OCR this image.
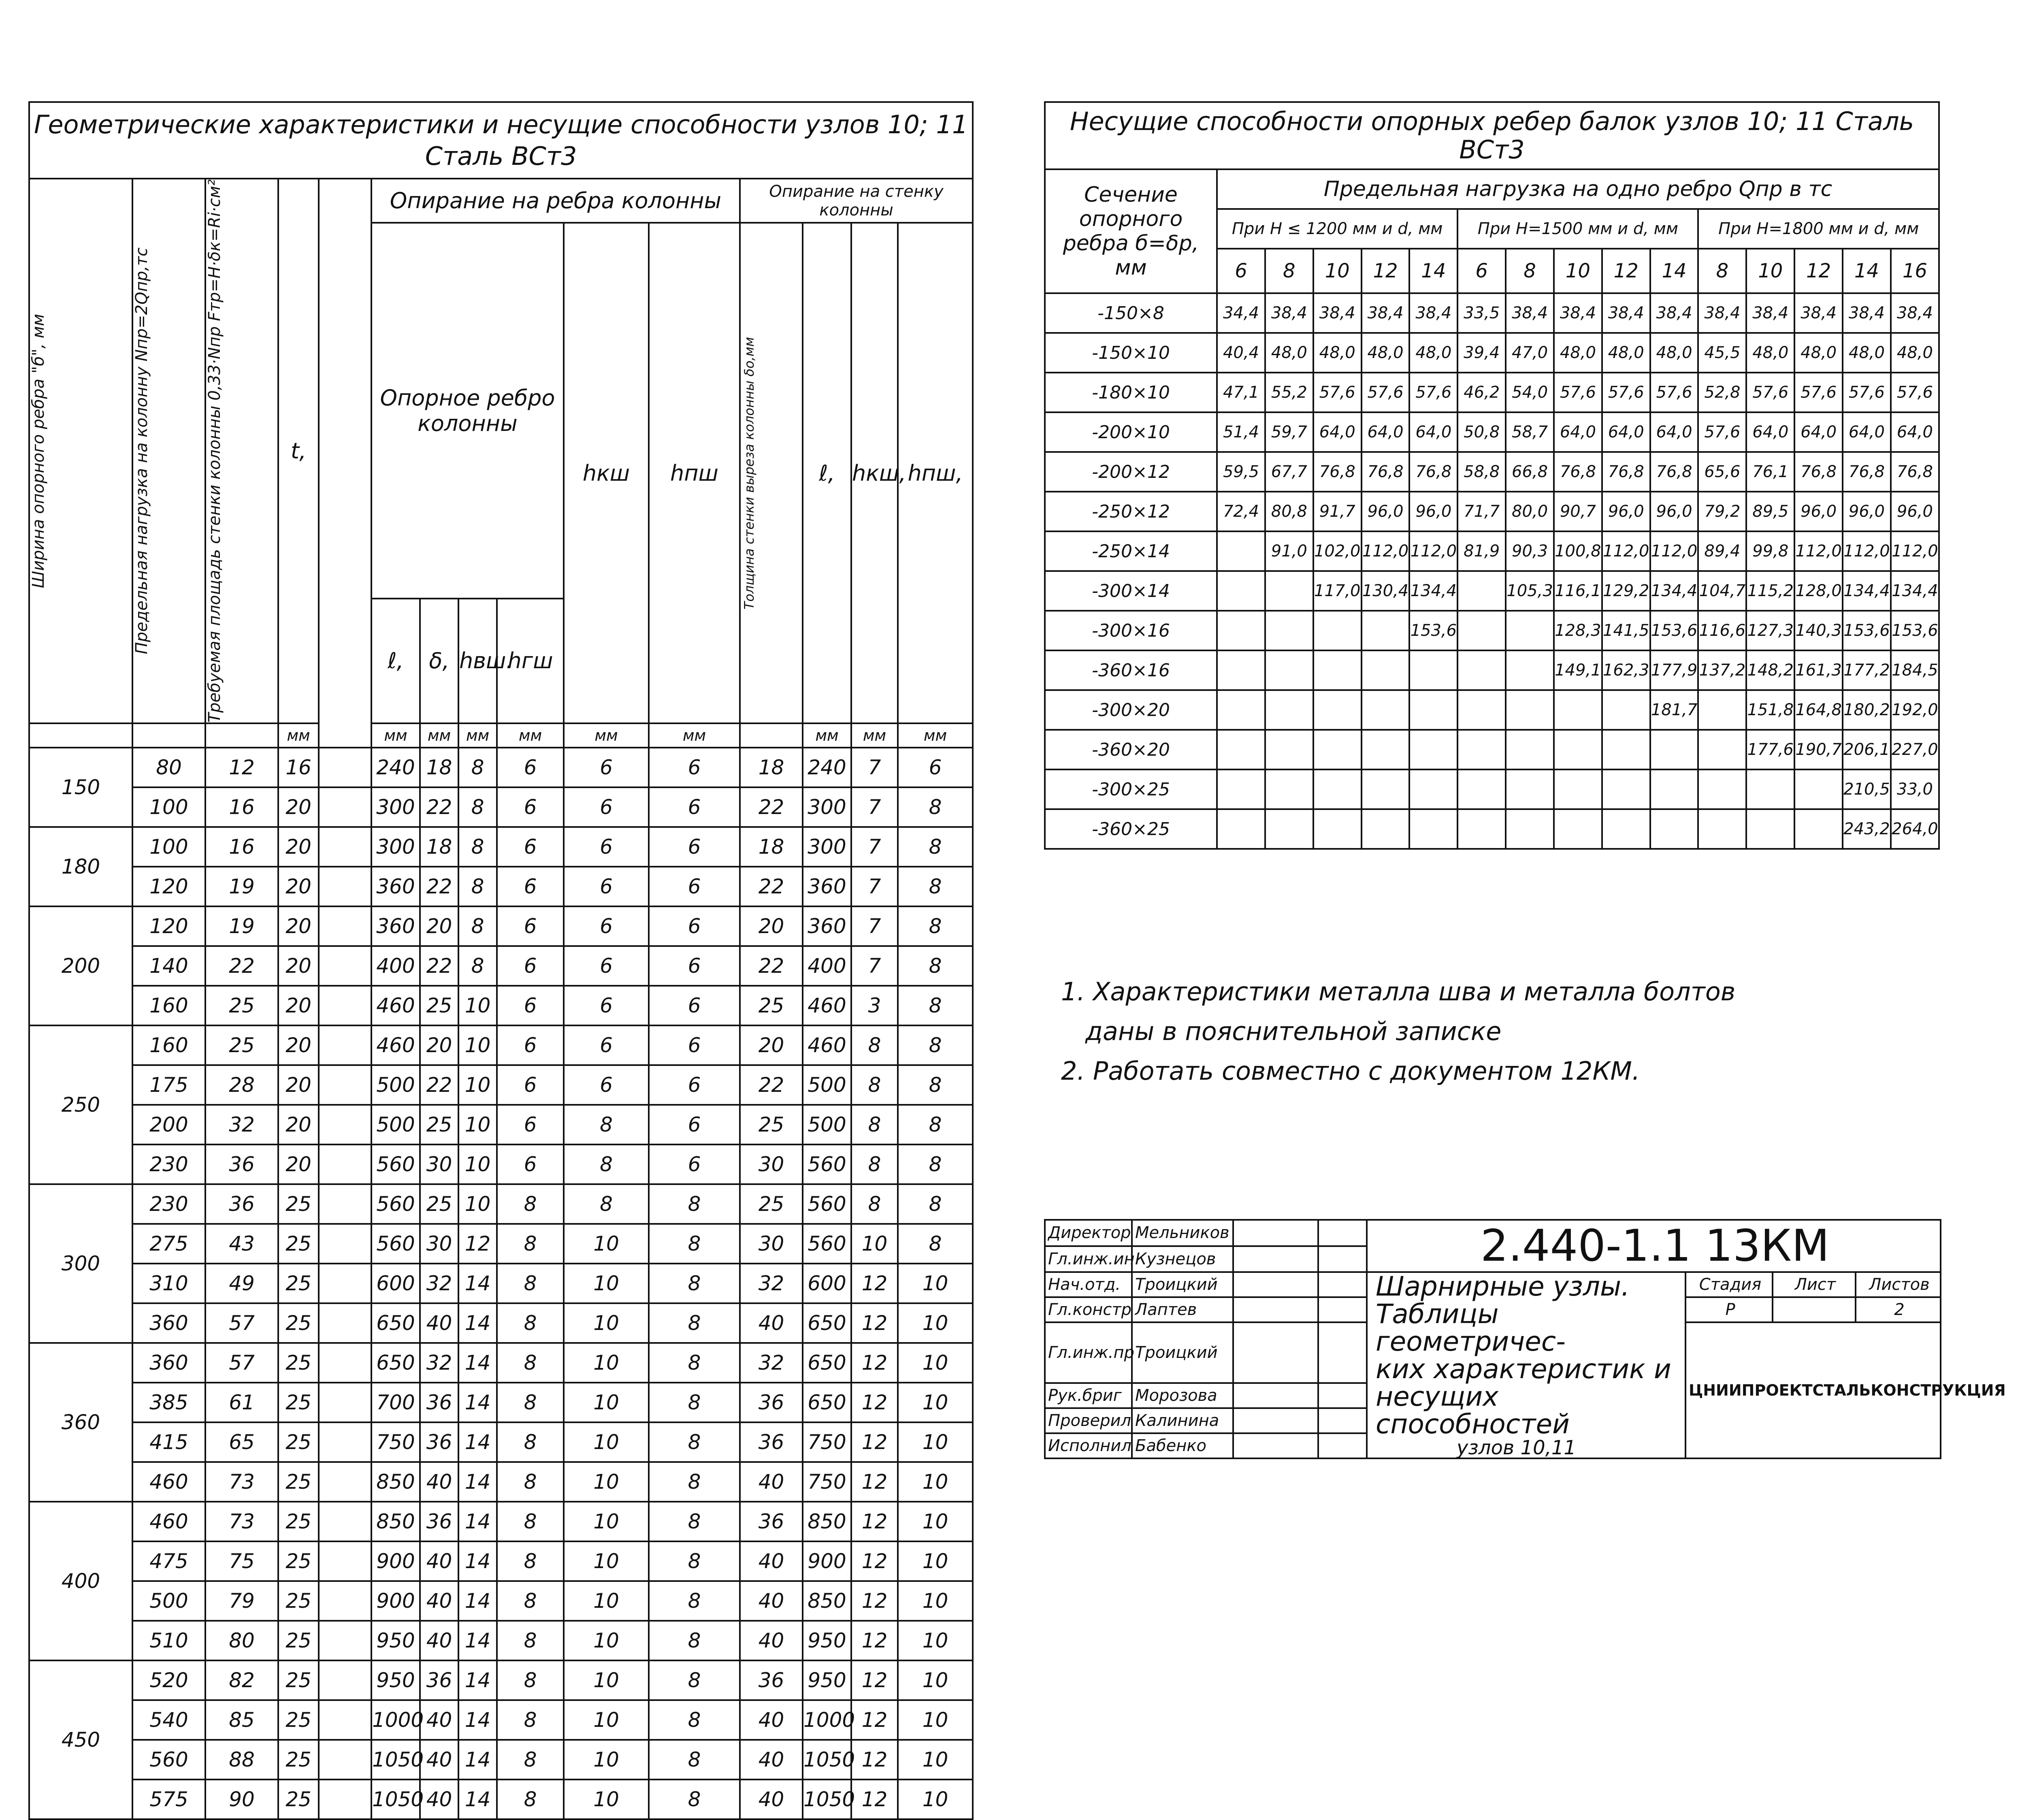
Геометрические характеристики и несущие способности узлов 10; 11 Сталь ВСт3														

Ширина опорного ребра "б", мм	Предельная нагрузка на колонну Nпр=2Qпр,тс	Требуемая площадь стенки колонны 0,33·Nпр Fтр=H·δк=Ri·см²	t,		Опирание на ребра колонны						Опирание на стенку колонны			
					Опорное ребро колонны				hкш	hпш	Толщина стенки выреза колонны δо,мм	ℓ,	hкш,	hпш,
					ℓ,	δ,	hвш.	hгш						
			мм		мм	мм	мм	мм	мм	мм		мм	мм	мм
150	80	12	16		240	18	8	6	6	6	18	240	7	6
	100	16	20		300	22	8	6	6	6	22	300	7	8
180	100	16	20		300	18	8	6	6	6	18	300	7	8
	120	19	20		360	22	8	6	6	6	22	360	7	8
200	120	19	20		360	20	8	6	6	6	20	360	7	8
	140	22	20		400	22	8	6	6	6	22	400	7	8
	160	25	20		460	25	10	6	6	6	25	460	3	8
250	160	25	20		460	20	10	6	6	6	20	460	8	8
	175	28	20		500	22	10	6	6	6	22	500	8	8
	200	32	20		500	25	10	6	8	6	25	500	8	8
	230	36	20		560	30	10	6	8	6	30	560	8	8
300	230	36	25		560	25	10	8	8	8	25	560	8	8
	275	43	25		560	30	12	8	10	8	30	560	10	8
	310	49	25		600	32	14	8	10	8	32	600	12	10
	360	57	25		650	40	14	8	10	8	40	650	12	10
360	360	57	25		650	32	14	8	10	8	32	650	12	10
	385	61	25		700	36	14	8	10	8	36	650	12	10
	415	65	25		750	36	14	8	10	8	36	750	12	10
	460	73	25		850	40	14	8	10	8	40	750	12	10
400	460	73	25		850	36	14	8	10	8	36	850	12	10
	475	75	25		900	40	14	8	10	8	40	900	12	10
	500	79	25		900	40	14	8	10	8	40	850	12	10
	510	80	25		950	40	14	8	10	8	40	950	12	10
450	520	82	25		950	36	14	8	10	8	36	950	12	10
	540	85	25		1000	40	14	8	10	8	40	1000	12	10
	560	88	25		1050	40	14	8	10	8	40	1050	12	10
	575	90	25		1050	40	14	8	10	8	40	1050	12	10
Несущие способности опорных ребер балок узлов 10; 11 Сталь ВСт3															
Сечение опорного ребра б=δр, мм	Предельная нагрузка на одно ребро Qпр в тс														
	При H ≤ 1200 мм и d, мм					При H=1500 мм и d, мм					При H=1800 мм и d, мм				
	6	8	10	12	14	6	8	10	12	14	8	10	12	14	16
-150×8	34,4	38,4	38,4	38,4	38,4	33,5	38,4	38,4	38,4	38,4	38,4	38,4	38,4	38,4	38,4
-150×10	40,4	48,0	48,0	48,0	48,0	39,4	47,0	48,0	48,0	48,0	45,5	48,0	48,0	48,0	48,0
-180×10	47,1	55,2	57,6	57,6	57,6	46,2	54,0	57,6	57,6	57,6	52,8	57,6	57,6	57,6	57,6
-200×10	51,4	59,7	64,0	64,0	64,0	50,8	58,7	64,0	64,0	64,0	57,6	64,0	64,0	64,0	64,0
-200×12	59,5	67,7	76,8	76,8	76,8	58,8	66,8	76,8	76,8	76,8	65,6	76,1	76,8	76,8	76,8
-250×12	72,4	80,8	91,7	96,0	96,0	71,7	80,0	90,7	96,0	96,0	79,2	89,5	96,0	96,0	96,0
-250×14		91,0	102,0	112,0	112,0	81,9	90,3	100,8	112,0	112,0	89,4	99,8	112,0	112,0	112,0
-300×14			117,0	130,4	134,4		105,3	116,1	129,2	134,4	104,7	115,2	128,0	134,4	134,4
-300×16					153,6			128,3	141,5	153,6	116,6	127,3	140,3	153,6	153,6
-360×16								149,1	162,3	177,9	137,2	148,2	161,3	177,2	184,5
-300×20										181,7		151,8	164,8	180,2	192,0
-360×20												177,6	190,7	206,1	227,0
-300×25														210,5	33,0
-360×25														243,2	264,0
1. Характеристики металла шва и металла болтов
даны в пояснительной записке
2. Работать совместно с документом 12КМ.
Директор	Мельников			2.440-1.1 13КМ			
Гл.инж.ин.	Кузнецов						
Нач.отд.	Троицкий			Шарнирные узлы.
Таблицы геометричес-
ких характеристик и
несущих способностей
узлов 10,11	Стадия	Лист	Листов
Гл.констр	Лаптев				Р		2
Гл.инж.пр	Троицкий				ЦНИИПРОЕКТСТАЛЬКОНСТРУКЦИЯ		
Рук.бриг	Морозова						
Проверил	Калинина						
Исполнил	Бабенко						
